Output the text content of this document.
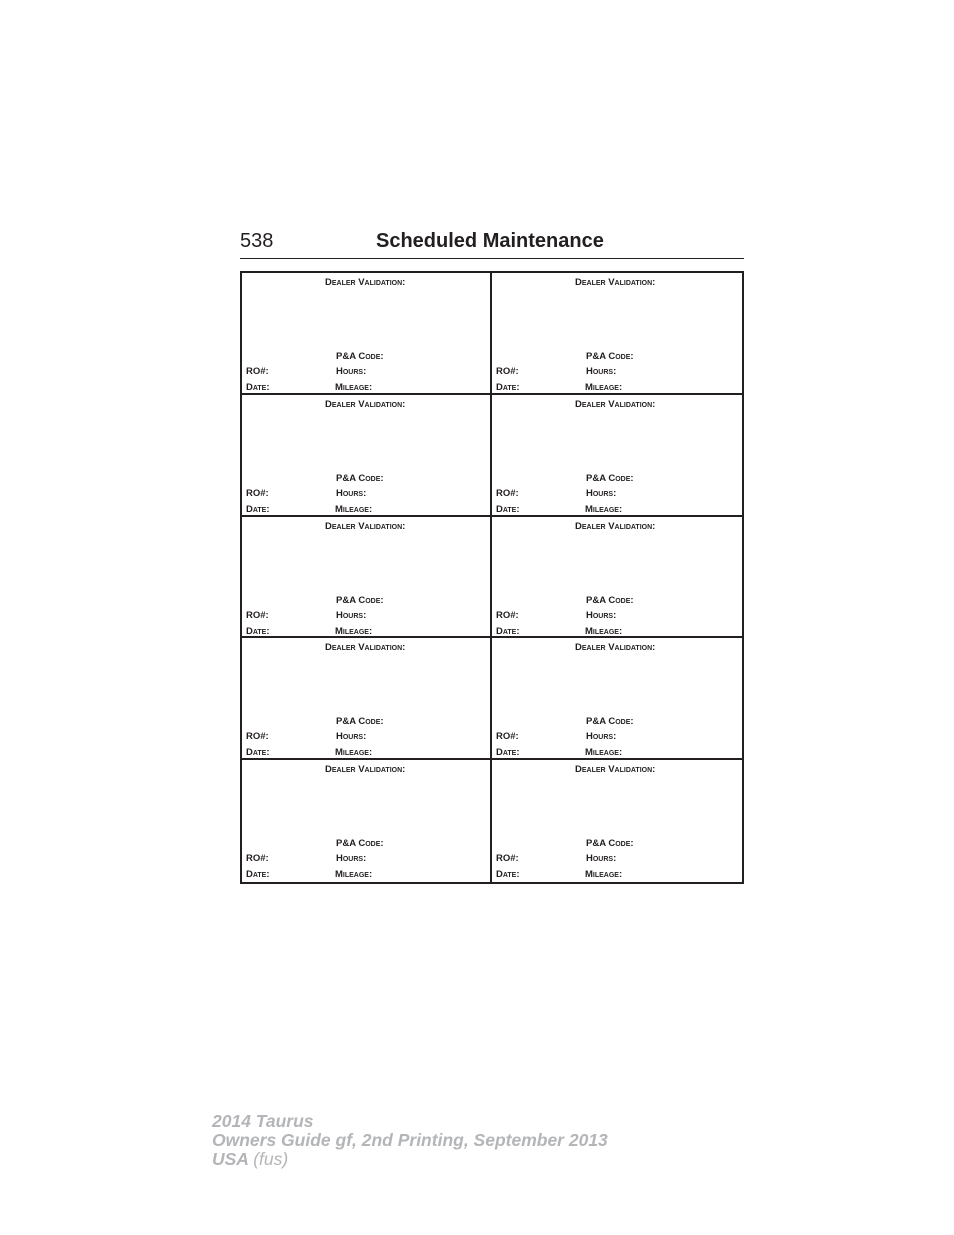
538	Scheduled Maintenance
Dealer Validation:
P&A Code:
RO#:	Hours:
Date:	Mileage:
Dealer Validation:
P&A Code:
RO#:	Hours:
Date:	Mileage:
Dealer Validation:
P&A Code:
RO#:	Hours:
Date:	Mileage:
Dealer Validation:
P&A Code:
RO#:	Hours:
Date:	Mileage:
Dealer Validation:
P&A Code:
RO#:	Hours:
Date:	Mileage:
Dealer Validation:
P&A Code:
RO#:	Hours:
Date:	Mileage:
Dealer Validation:
P&A Code:
RO#:	Hours:
Date:	Mileage:
Dealer Validation:
P&A Code:
RO#:	Hours:
Date:	Mileage:
Dealer Validation:
P&A Code:
RO#:	Hours:
Date:	Mileage:
Dealer Validation:
P&A Code:
RO#:	Hours:
Date:	Mileage:
2014 Taurus
Owners Guide gf, 2nd Printing, September 2013
USA (fus)
